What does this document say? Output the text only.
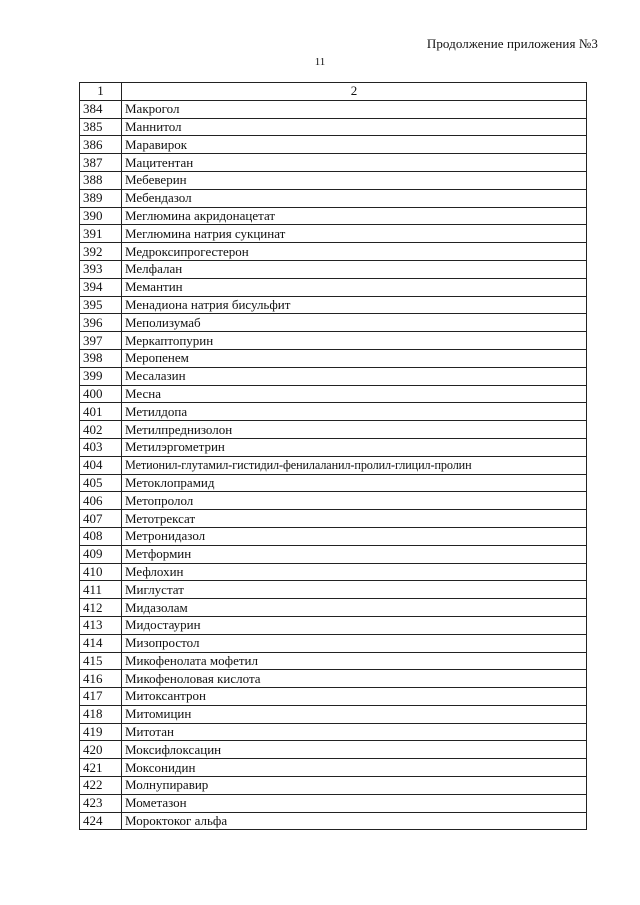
Продолжение приложения №3
11
1	2
384	Макрогол
385	Маннитол
386	Маравирок
387	Мацитентан
388	Мебеверин
389	Мебендазол
390	Меглюмина акридонацетат
391	Меглюмина натрия сукцинат
392	Медроксипрогестерон
393	Мелфалан
394	Мемантин
395	Менадиона натрия бисульфит
396	Меполизумаб
397	Меркаптопурин
398	Меропенем
399	Месалазин
400	Месна
401	Метилдопа
402	Метилпреднизолон
403	Метилэргометрин
404	Метионил-глутамил-гистидил-фенилаланил-пролил-глицил-пролин
405	Метоклопрамид
406	Метопролол
407	Метотрексат
408	Метронидазол
409	Метформин
410	Мефлохин
411	Миглустат
412	Мидазолам
413	Мидостаурин
414	Мизопростол
415	Микофенолата мофетил
416	Микофеноловая кислота
417	Митоксантрон
418	Митомицин
419	Митотан
420	Моксифлоксацин
421	Моксонидин
422	Молнупиравир
423	Мометазон
424	Мороктоког альфа
